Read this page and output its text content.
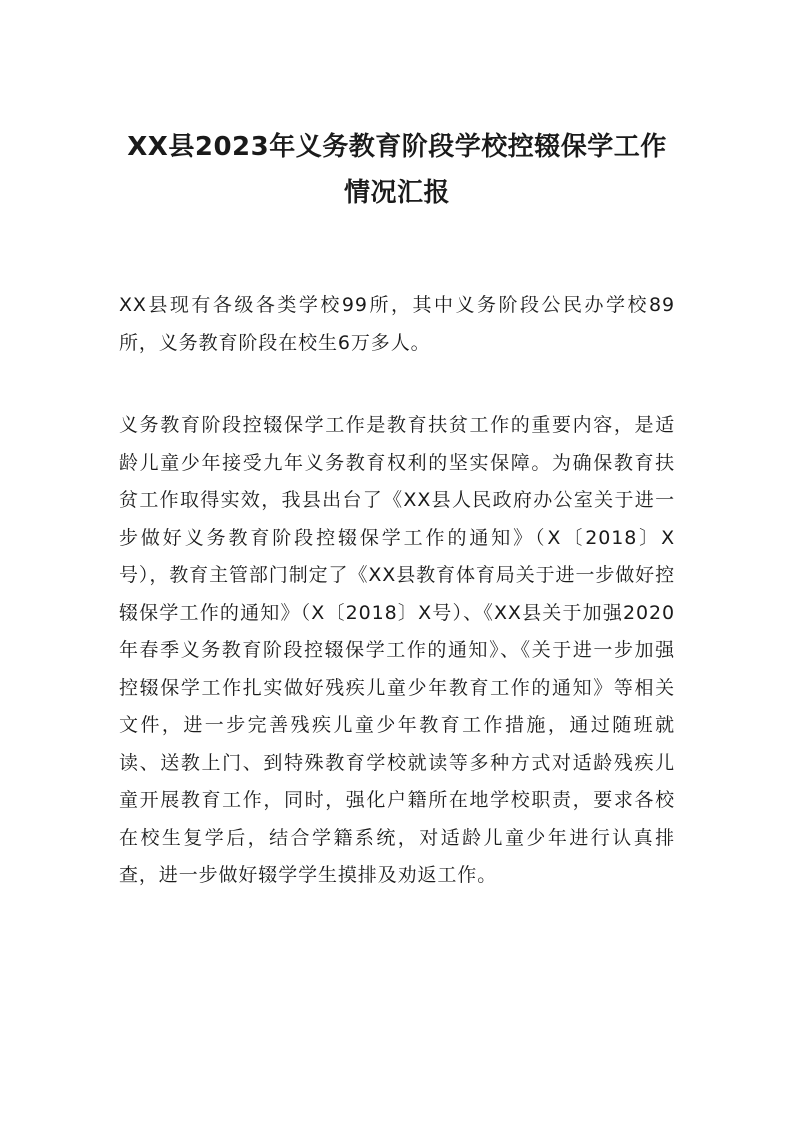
XX县2023年义务教育阶段学校控辍保学工作情况汇报

XX县现有各级各类学校99所，其中义务阶段公民办学校89所，义务教育阶段在校生6万多人。

义务教育阶段控辍保学工作是教育扶贫工作的重要内容，是适龄儿童少年接受九年义务教育权利的坚实保障。为确保教育扶贫工作取得实效，我县出台了《XX县人民政府办公室关于进一步做好义务教育阶段控辍保学工作的通知》（X〔2018〕X号），教育主管部门制定了《XX县教育体育局关于进一步做好控辍保学工作的通知》（X〔2018〕X号）、《XX县关于加强2020年春季义务教育阶段控辍保学工作的通知》、《关于进一步加强控辍保学工作扎实做好残疾儿童少年教育工作的通知》等相关文件，进一步完善残疾儿童少年教育工作措施，通过随班就读、送教上门、到特殊教育学校就读等多种方式对适龄残疾儿童开展教育工作，同时，强化户籍所在地学校职责，要求各校在校生复学后，结合学籍系统，对适龄儿童少年进行认真排查，进一步做好辍学学生摸排及劝返工作。
